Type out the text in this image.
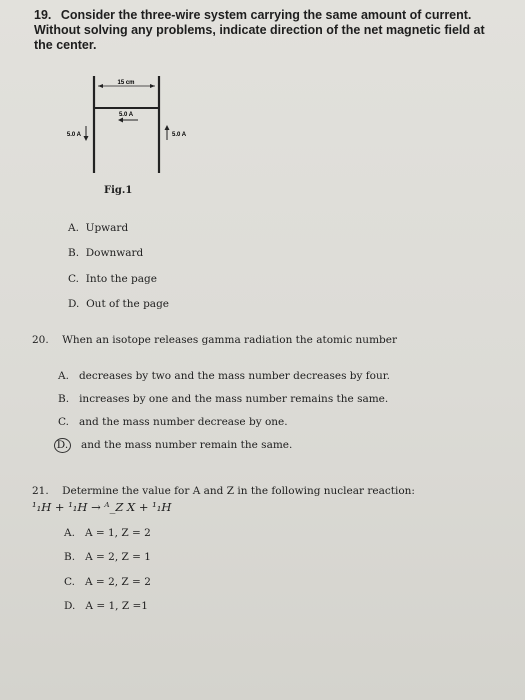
19. Consider the three-wire system carrying the same amount of current. Without solving any problems, indicate direction of the net magnetic field at the center.
15 cm
5.0 A
5.0 A	5.0 A
Fig.1
A. Upward
B. Downward
C. Into the page
D. Out of the page
20. When an isotope releases gamma radiation the atomic number
A. decreases by two and the mass number decreases by four.
B. increases by one and the mass number remains the same.
C. and the mass number decrease by one.
D. and the mass number remain the same.
21. Determine the value for A and Z in the following nuclear reaction:
¹₁H + ¹₁H → ᴬ_Z X + ¹₁H
A. A = 1, Z = 2
B. A = 2, Z = 1
C. A = 2, Z = 2
D. A = 1, Z =1
